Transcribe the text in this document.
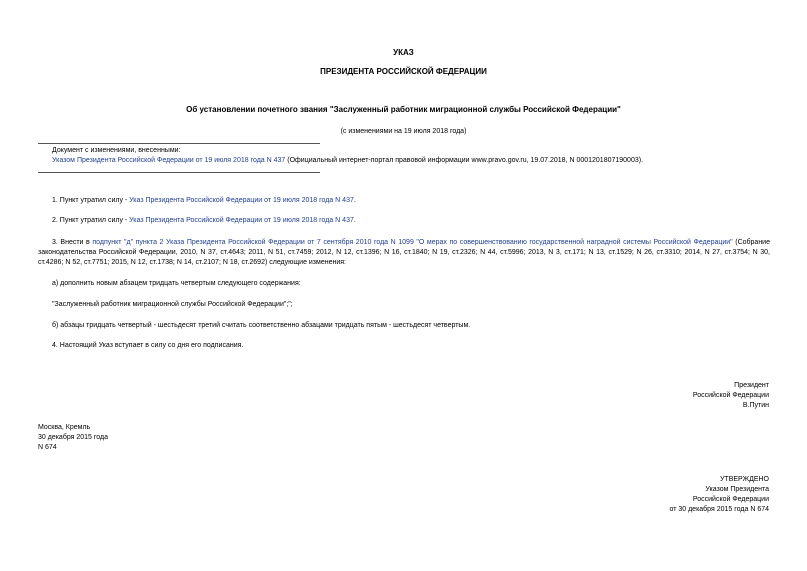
УКАЗ
ПРЕЗИДЕНТА РОССИЙСКОЙ ФЕДЕРАЦИИ
Об установлении почетного звания "Заслуженный работник миграционной службы Российской Федерации"
(с изменениями на 19 июля 2018 года)
Документ с изменениями, внесенными:
Указом Президента Российской Федерации от 19 июля 2018 года N 437 (Официальный интернет-портал правовой информации www.pravo.gov.ru, 19.07.2018, N 0001201807190003).
1. Пункт утратил силу - Указ Президента Российской Федерации от 19 июля 2018 года N 437.
2. Пункт утратил силу - Указ Президента Российской Федерации от 19 июля 2018 года N 437.
3. Внести в подпункт "д" пункта 2 Указа Президента Российской Федерации от 7 сентября 2010 года N 1099 "О мерах по совершенствованию государственной наградной системы Российской Федерации" (Собрание законодательства Российской Федерации, 2010, N 37, ст.4643; 2011, N 51, ст.7459; 2012, N 12, ст.1396; N 16, ст.1840; N 19, ст.2326; N 44, ст.5996; 2013, N 3, ст.171; N 13, ст.1529; N 26, ст.3310; 2014, N 27, ст.3754; N 30, ст.4286; N 52, ст.7751; 2015, N 12, ст.1738; N 14, ст.2107; N 18, ст.2692) следующие изменения:
а) дополнить новым абзацем тридцать четвертым следующего содержания:
"Заслуженный работник миграционной службы Российской Федерации";";
б) абзацы тридцать четвертый - шестьдесят третий считать соответственно абзацами тридцать пятым - шестьдесят четвертым.
4. Настоящий Указ вступает в силу со дня его подписания.
Президент
Российской Федерации
В.Путин
Москва, Кремль
30 декабря 2015 года
N 674
УТВЕРЖДЕНО
Указом Президента
Российской Федерации
от 30 декабря 2015 года N 674
